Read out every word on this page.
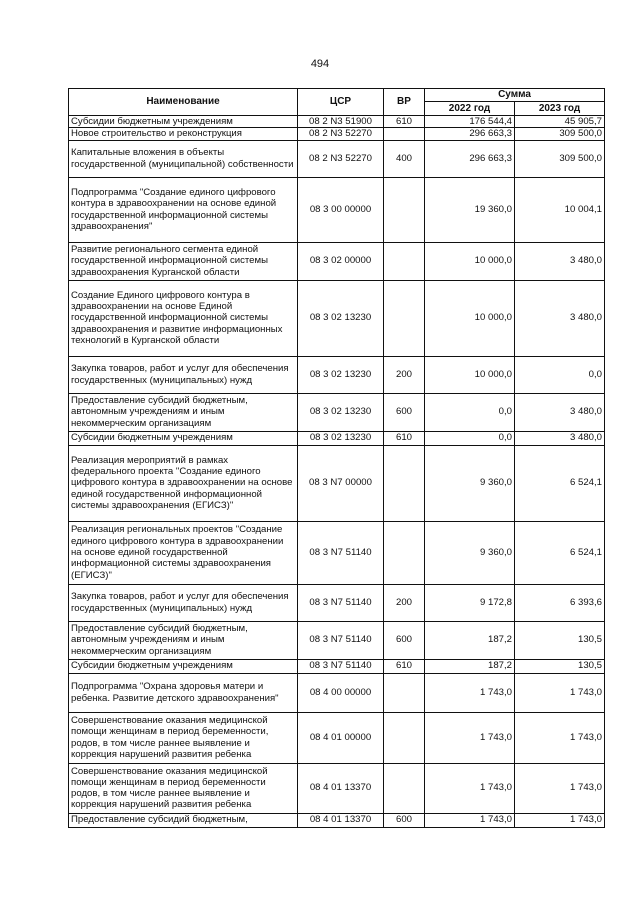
494
Наименование	ЦСР	ВР	Сумма	
			2022 год	2023 год
Субсидии бюджетным учреждениям	08 2 N3 51900	610	176 544,4	45 905,7
Новое строительство и реконструкция	08 2 N3 52270		296 663,3	309 500,0
Капитальные вложения в объекты государственной (муниципальной) собственности	08 2 N3 52270	400	296 663,3	309 500,0
Подпрограмма "Создание единого цифрового контура в здравоохранении на основе единой государственной информационной системы здравоохранения"	08 3 00 00000		19 360,0	10 004,1
Развитие регионального сегмента единой государственной информационной системы здравоохранения Курганской области	08 3 02 00000		10 000,0	3 480,0
Создание Единого цифрового контура в здравоохранении на основе Единой государственной информационной системы здравоохранения и развитие информационных технологий в Курганской области	08 3 02 13230		10 000,0	3 480,0
Закупка товаров, работ и услуг для обеспечения государственных (муниципальных) нужд	08 3 02 13230	200	10 000,0	0,0
Предоставление субсидий бюджетным, автономным учреждениям и иным некоммерческим организациям	08 3 02 13230	600	0,0	3 480,0
Субсидии бюджетным учреждениям	08 3 02 13230	610	0,0	3 480,0
Реализация мероприятий в рамках федерального проекта "Создание единого цифрового контура в здравоохранении на основе единой государственной информационной системы здравоохранения (ЕГИСЗ)"	08 3 N7 00000		9 360,0	6 524,1
Реализация региональных проектов "Создание единого цифрового контура в здравоохранении на основе единой государственной информационной системы здравоохранения (ЕГИСЗ)"	08 3 N7 51140		9 360,0	6 524,1
Закупка товаров, работ и услуг для обеспечения государственных (муниципальных) нужд	08 3 N7 51140	200	9 172,8	6 393,6
Предоставление субсидий бюджетным, автономным учреждениям и иным некоммерческим организациям	08 3 N7 51140	600	187,2	130,5
Субсидии бюджетным учреждениям	08 3 N7 51140	610	187,2	130,5
Подпрограмма "Охрана здоровья матери и ребенка. Развитие детского здравоохранения"	08 4 00 00000		1 743,0	1 743,0
Совершенствование оказания медицинской помощи женщинам в период беременности, родов, в том числе раннее выявление и коррекция нарушений развития ребенка	08 4 01 00000		1 743,0	1 743,0
Совершенствование оказания медицинской помощи женщинам в период беременности родов, в том числе раннее выявление и коррекция нарушений развития ребенка	08 4 01 13370		1 743,0	1 743,0
Предоставление субсидий бюджетным,	08 4 01 13370	600	1 743,0	1 743,0
